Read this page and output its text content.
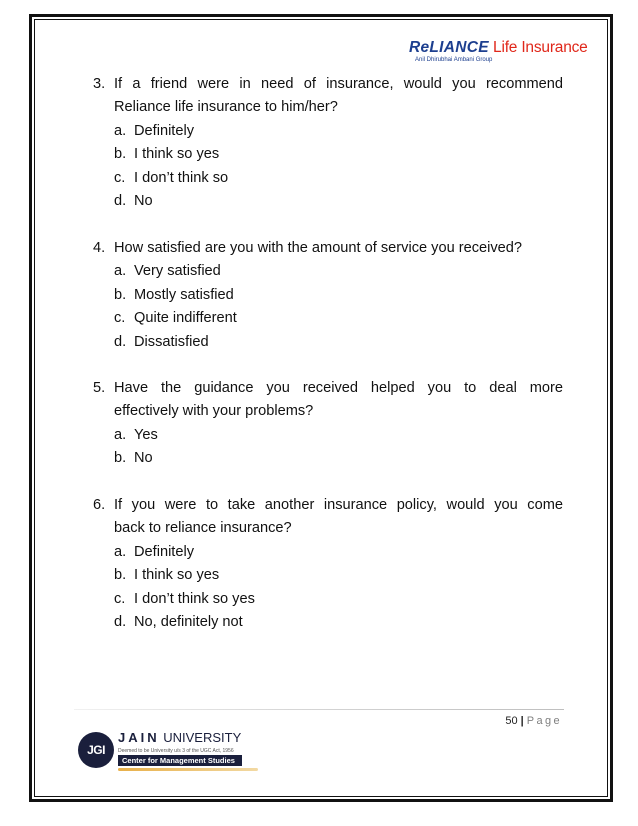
ReLIANCE Life Insurance
Anil Dhirubhai Ambani Group
3. If a friend were in need of insurance, would you recommend
Reliance life insurance to him/her?
a. Definitely
b. I think so yes
c. I don’t think so
d. No
4. How satisfied are you with the amount of service you received?
a. Very satisfied
b. Mostly satisfied
c. Quite indifferent
d. Dissatisfied
5. Have the guidance you received helped you to deal more
effectively with your problems?
a. Yes
b. No
6. If you were to take another insurance policy, would you come
back to reliance insurance?
a. Definitely
b. I think so yes
c. I don’t think so yes
d. No, definitely not
50 | Page
JGI
JAIN UNIVERSITY
Deemed to be University u/s 3 of the UGC Act, 1956
Center for Management Studies
